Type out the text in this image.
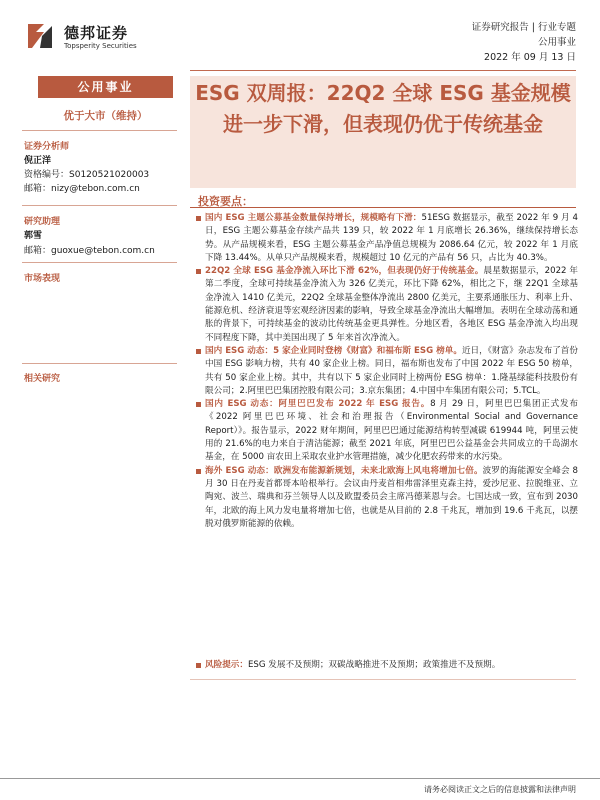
德邦证券
Topsperity Securities
证券研究报告 | 行业专题
公用事业
2022 年 09 月 13 日
公用事业
优于大市（维持）
证券分析师
倪正洋
资格编号：S0120521020003
邮箱：nizy@tebon.com.cn
研究助理
郭雪
邮箱：guoxue@tebon.com.cn
市场表现
相关研究
ESG 双周报：22Q2 全球 ESG 基金规模进一步下滑，但表现仍优于传统基金
投资要点：
国内 ESG 主题公募基金数量保持增长，规模略有下滑：51ESG 数据显示，截至 2022 年 9 月 4 日，ESG 主题公募基金存续产品共 139 只，较 2022 年 1 月底增长 26.36%，继续保持增长态势。从产品规模来看，ESG 主题公募基金产品净值总规模为 2086.64 亿元，较 2022 年 1 月底下降 13.44%。从单只产品规模来看，规模超过 10 亿元的产品有 56 只，占比为 40.3%。
22Q2 全球 ESG 基金净流入环比下滑 62%，但表现仍好于传统基金。晨星数据显示，2022 年第二季度，全球可持续基金净流入为 326 亿美元，环比下降 62%，相比之下，继 22Q1 全球基金净流入 1410 亿美元，22Q2 全球基金整体净流出 2800 亿美元，主要系通胀压力、利率上升、能源危机、经济衰退等宏观经济因素的影响，导致全球基金净流出大幅增加。表明在全球动荡和通胀的背景下，可持续基金的波动比传统基金更具弹性。分地区看，各地区 ESG 基金净流入均出现不同程度下降，其中美国出现了 5 年来首次净流入。
国内 ESG 动态：5 家企业同时登榜《财富》和福布斯 ESG 榜单。近日，《财富》杂志发布了首份中国 ESG 影响力榜，共有 40 家企业上榜。同日，福布斯也发布了中国 2022 年 ESG 50 榜单，共有 50 家企业上榜。其中，共有以下 5 家企业同时上榜两份 ESG 榜单：1.隆基绿能科技股份有限公司；2.阿里巴巴集团控股有限公司；3.京东集团；4.中国中车集团有限公司；5.TCL。
国内 ESG 动态：阿里巴巴发布 2022 年 ESG 报告。8 月 29 日，阿里巴巴集团正式发布《2022 阿里巴巴环境、社会和治理报告（Environmental Social and Governance Report）》。报告显示，2022 财年期间，阿里巴巴通过能源结构转型减碳 619944 吨，阿里云使用的 21.6%的电力来自于清洁能源；截至 2021 年底，阿里巴巴公益基金会共同成立的千岛湖水基金，在 5000 亩农田上采取农业护水管理措施，减少化肥农药带来的水污染。
海外 ESG 动态：欧洲发布能源新规划，未来北欧海上风电将增加七倍。波罗的海能源安全峰会 8 月 30 日在丹麦首都哥本哈根举行。会议由丹麦首相弗雷泽里克森主持，爱沙尼亚、拉脱维亚、立陶宛、波兰、瑞典和芬兰领导人以及欧盟委员会主席冯德莱恩与会。七国达成一致，宣布到 2030 年，北欧的海上风力发电量将增加七倍，也就是从目前的 2.8 千兆瓦，增加到 19.6 千兆瓦，以摆脱对俄罗斯能源的依赖。
风险提示：ESG 发展不及预期；双碳战略推进不及预期；政策推进不及预期。
请务必阅读正文之后的信息披露和法律声明
